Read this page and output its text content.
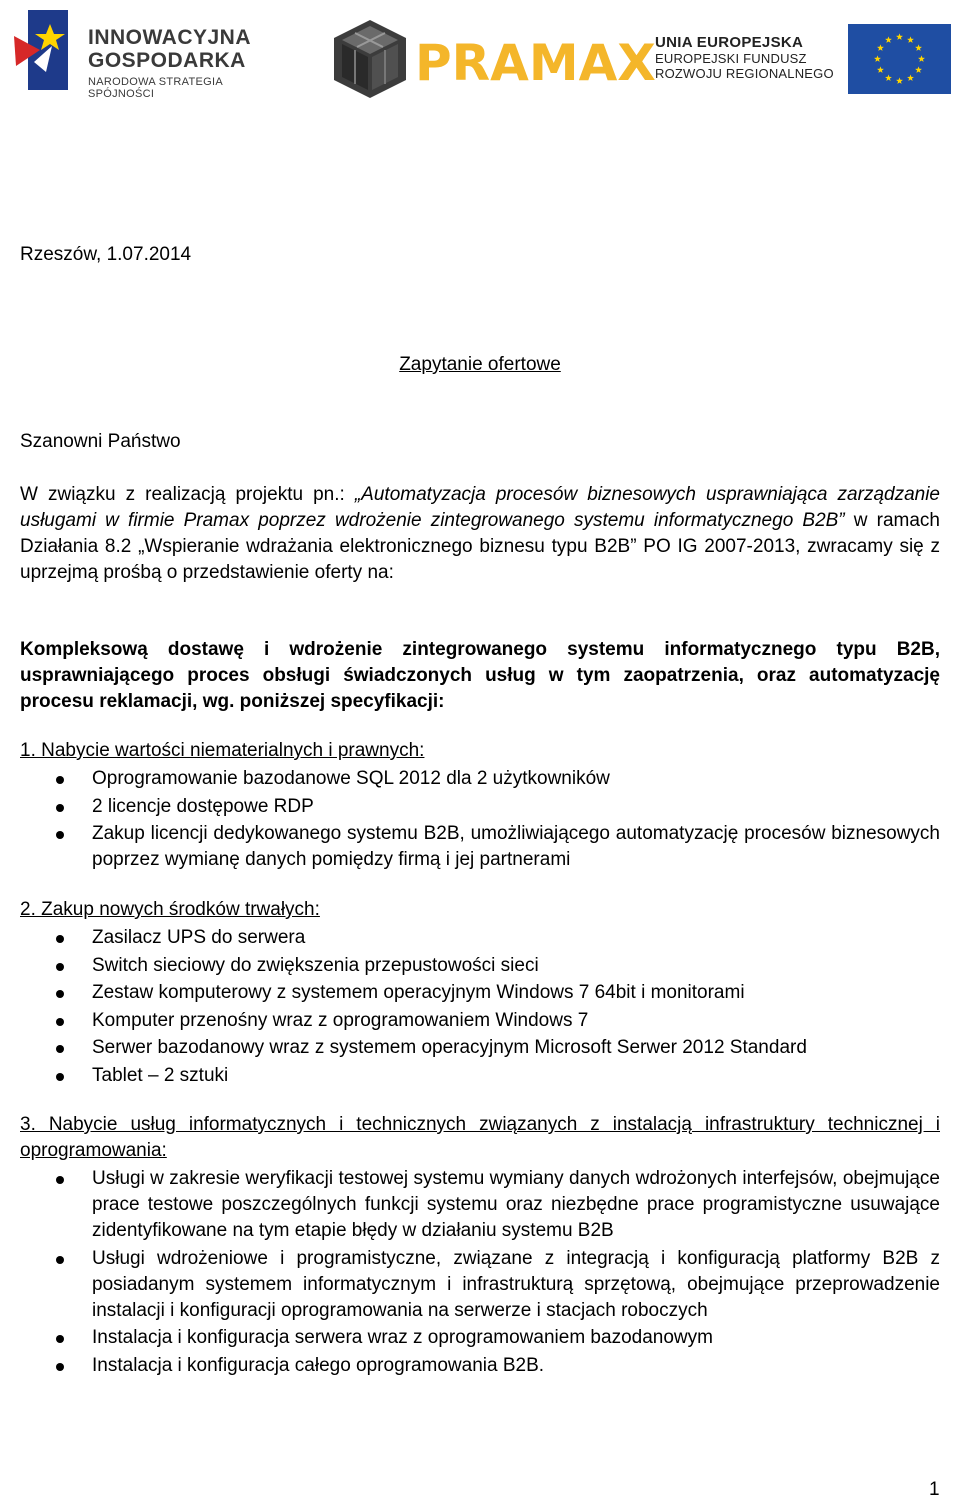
INNOWACYJNA
GOSPODARKA
NARODOWA STRATEGIA SPÓJNOŚCI
PRAMAX UNIA EUROPEJSKA
EUROPEJSKI FUNDUSZ
ROZWOJU REGIONALNEGO
Rzeszów, 1.07.2014
Zapytanie ofertowe
Szanowni Państwo

W związku z realizacją projektu pn.: „Automatyzacja procesów biznesowych usprawniająca zarządzanie usługami w firmie Pramax poprzez wdrożenie zintegrowanego systemu informatycznego B2B” w ramach Działania 8.2 „Wspieranie wdrażania elektronicznego biznesu typu B2B” PO IG 2007-2013, zwracamy się z uprzejmą prośbą o przedstawienie oferty na:

Kompleksową dostawę i wdrożenie zintegrowanego systemu informatycznego typu B2B, usprawniającego proces obsługi świadczonych usług w tym zaopatrzenia, oraz automatyzację procesu reklamacji, wg. poniższej specyfikacji:

1. Nabycie wartości niematerialnych i prawnych:

Oprogramowanie bazodanowe SQL 2012 dla 2 użytkowników
2 licencje dostępowe RDP
Zakup licencji dedykowanego systemu B2B, umożliwiającego automatyzację procesów biznesowych poprzez wymianę danych pomiędzy firmą i jej partnerami

2. Zakup nowych środków trwałych:

Zasilacz UPS do serwera
Switch sieciowy do zwiększenia przepustowości sieci
Zestaw komputerowy z systemem operacyjnym Windows 7 64bit i monitorami
Komputer przenośny wraz z oprogramowaniem Windows 7
Serwer bazodanowy wraz z systemem operacyjnym Microsoft Serwer 2012 Standard
Tablet – 2 sztuki

3. Nabycie usług informatycznych i technicznych związanych z instalacją infrastruktury technicznej i oprogramowania:

Usługi w zakresie weryfikacji testowej systemu wymiany danych wdrożonych interfejsów, obejmujące prace testowe poszczególnych funkcji systemu oraz niezbędne prace programistyczne usuwające zidentyfikowane na tym etapie błędy w działaniu systemu B2B
Usługi wdrożeniowe i programistyczne, związane z integracją i konfiguracją platformy B2B z posiadanym systemem informatycznym i infrastrukturą sprzętową, obejmujące przeprowadzenie instalacji i konfiguracji oprogramowania na serwerze i stacjach roboczych
Instalacja i konfiguracja serwera wraz z oprogramowaniem bazodanowym
Instalacja i konfiguracja całego oprogramowania B2B.
1
